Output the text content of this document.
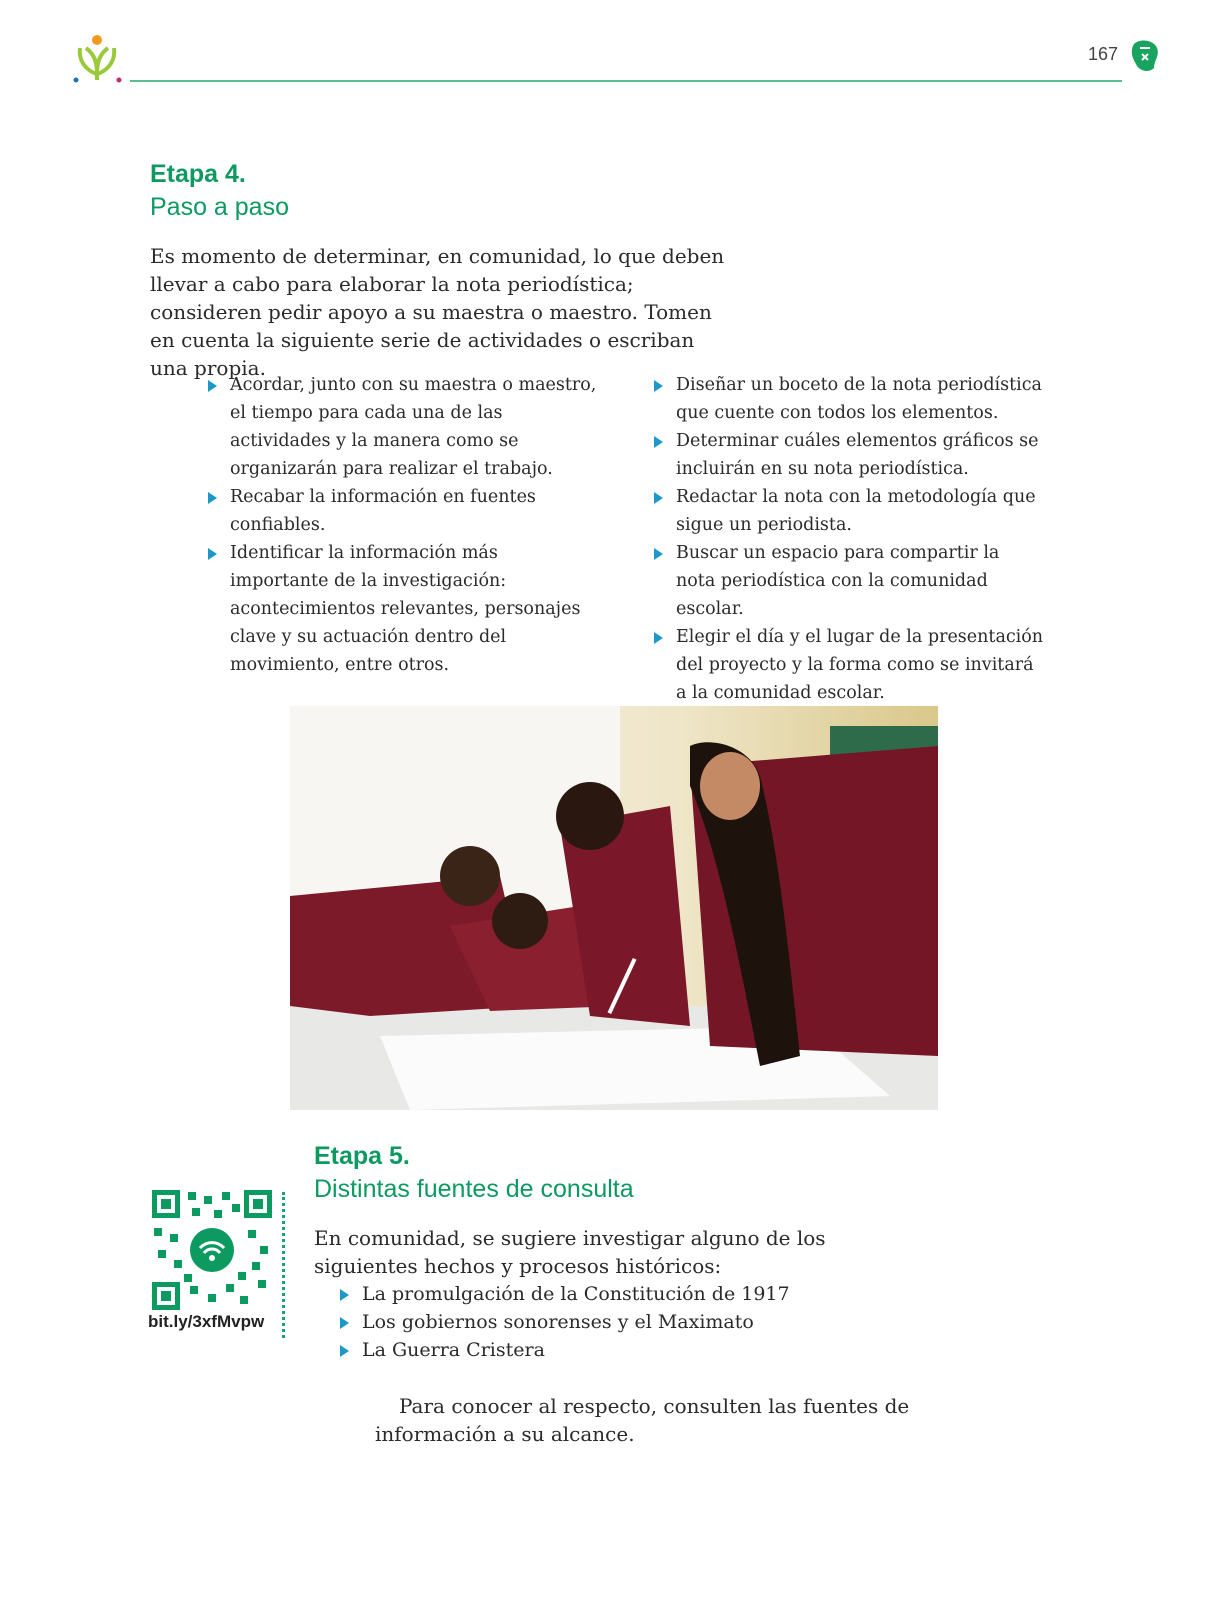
167
Etapa 4.
Paso a paso
Es momento de determinar, en comunidad, lo que deben llevar a cabo para elaborar la nota periodística; consideren pedir apoyo a su maestra o maestro. Tomen en cuenta la siguiente serie de actividades o escriban una propia.
Acordar, junto con su maestra o maestro, el tiempo para cada una de las actividades y la manera como se organizarán para realizar el trabajo.
Recabar la información en fuentes confiables.
Identificar la información más importante de la investigación: acontecimientos relevantes, personajes clave y su actuación dentro del movimiento, entre otros.
Diseñar un boceto de la nota periodística que cuente con todos los elementos.
Determinar cuáles elementos gráficos se incluirán en su nota periodística.
Redactar la nota con la metodología que sigue un periodista.
Buscar un espacio para compartir la nota periodística con la comunidad escolar.
Elegir el día y el lugar de la presentación del proyecto y la forma como se invitará a la comunidad escolar.
bit.ly/3xfMvpw
Etapa 5.
Distintas fuentes de consulta
En comunidad, se sugiere investigar alguno de los siguientes hechos y procesos históricos:
La promulgación de la Constitución de 1917
Los gobiernos sonorenses y el Maximato
La Guerra Cristera
Para conocer al respecto, consulten las fuentes de información a su alcance.
